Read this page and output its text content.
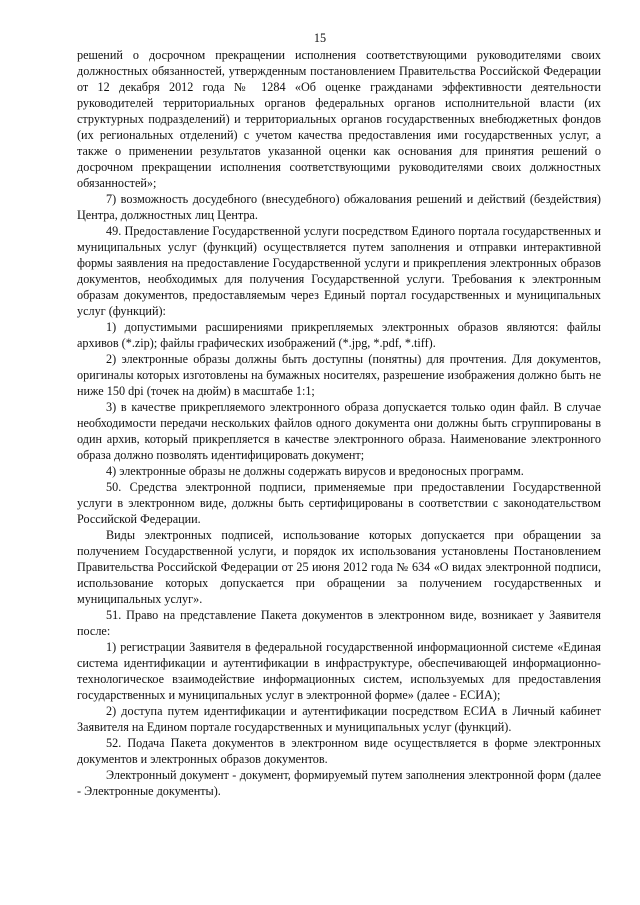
15

решений о досрочном прекращении исполнения соответствующими руководителями своих должностных обязанностей, утвержденным постановлением Правительства Российской Федерации от 12 декабря 2012 года № 1284 «Об оценке гражданами эффективности деятельности руководителей территориальных органов федеральных органов исполнительной власти (их структурных подразделений) и территориальных органов государственных внебюджетных фондов (их региональных отделений) с учетом качества предоставления ими государственных услуг, а также о применении результатов указанной оценки как основания для принятия решений о досрочном прекращении исполнения соответствующими руководителями своих должностных обязанностей»;

7) возможность досудебного (внесудебного) обжалования решений и действий (бездействия) Центра, должностных лиц Центра.

49. Предоставление Государственной услуги посредством Единого портала государственных и муниципальных услуг (функций) осуществляется путем заполнения и отправки интерактивной формы заявления на предоставление Государственной услуги и прикрепления электронных образов документов, необходимых для получения Государственной услуги. Требования к электронным образам документов, предоставляемым через Единый портал государственных и муниципальных услуг (функций):

1) допустимыми расширениями прикрепляемых электронных образов являются: файлы архивов (*.zip); файлы графических изображений (*.jpg, *.pdf, *.tiff).

2) электронные образы должны быть доступны (понятны) для прочтения. Для документов, оригиналы которых изготовлены на бумажных носителях, разрешение изображения должно быть не ниже 150 dpi (точек на дюйм) в масштабе 1:1;

3) в качестве прикрепляемого электронного образа допускается только один файл. В случае необходимости передачи нескольких файлов одного документа они должны быть сгруппированы в один архив, который прикрепляется в качестве электронного образа. Наименование электронного образа должно позволять идентифицировать документ;

4) электронные образы не должны содержать вирусов и вредоносных программ.

50. Средства электронной подписи, применяемые при предоставлении Государственной услуги в электронном виде, должны быть сертифицированы в соответствии с законодательством Российской Федерации.

Виды электронных подписей, использование которых допускается при обращении за получением Государственной услуги, и порядок их использования установлены Постановлением Правительства Российской Федерации от 25 июня 2012 года № 634 «О видах электронной подписи, использование которых допускается при обращении за получением государственных и муниципальных услуг».

51. Право на представление Пакета документов в электронном виде, возникает у Заявителя после:

1) регистрации Заявителя в федеральной государственной информационной системе «Единая система идентификации и аутентификации в инфраструктуре, обеспечивающей информационно-технологическое взаимодействие информационных систем, используемых для предоставления государственных и муниципальных услуг в электронной форме» (далее - ЕСИА);

2) доступа путем идентификации и аутентификации посредством ЕСИА в Личный кабинет Заявителя на Едином портале государственных и муниципальных услуг (функций).

52. Подача Пакета документов в электронном виде осуществляется в форме электронных документов и электронных образов документов.

Электронный документ - документ, формируемый путем заполнения электронной форм (далее - Электронные документы).
